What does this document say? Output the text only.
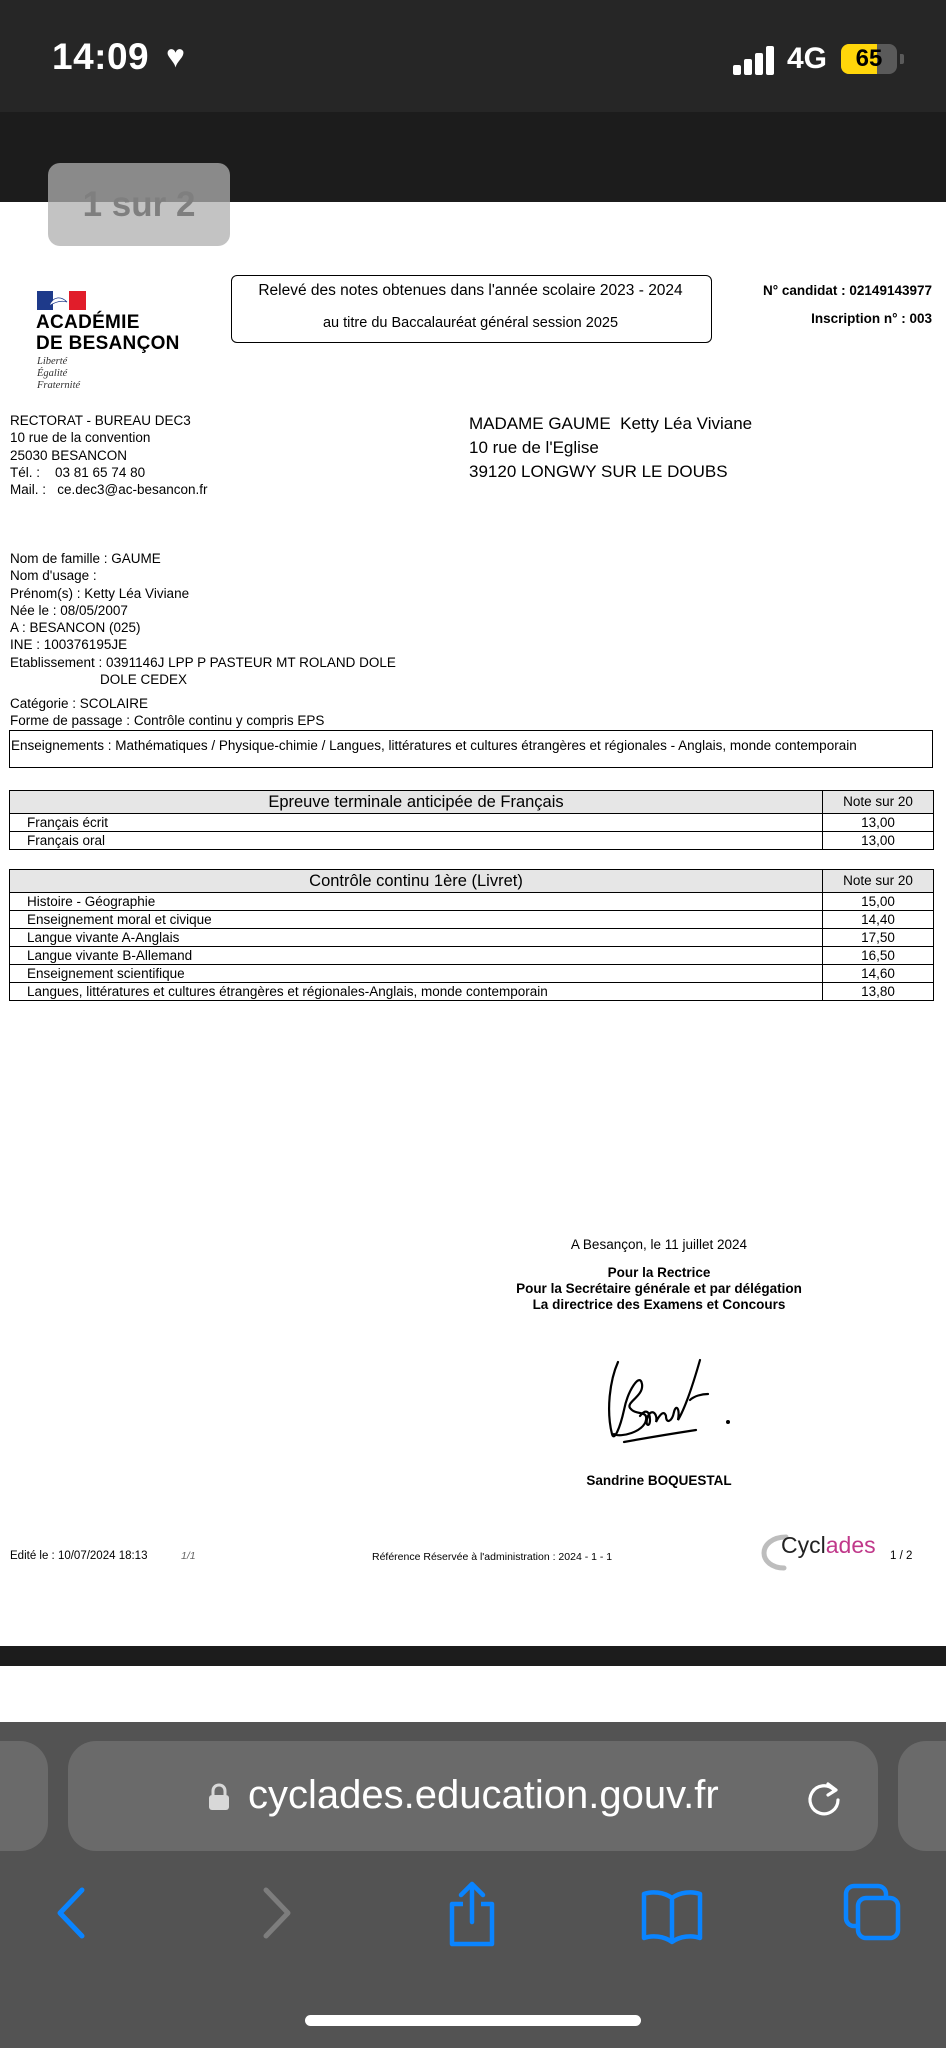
14:09 ♥	4G	65
1 sur 2
ACADÉMIE
DE BESANÇON
Liberté
Égalité
Fraternité
Relevé des notes obtenues dans l'année scolaire 2023 - 2024
au titre du Baccalauréat général session 2025
N° candidat : 02149143977
Inscription n° : 003
RECTORAT - BUREAU DEC3
10 rue de la convention
25030 BESANCON
Tél. :    03 81 65 74 80
Mail. :   ce.dec3@ac-besancon.fr
MADAME GAUME  Ketty Léa Viviane
10 rue de l'Eglise
39120 LONGWY SUR LE DOUBS
Nom de famille : GAUME
Nom d'usage :
Prénom(s) : Ketty Léa Viviane
Née le : 08/05/2007
A : BESANCON (025)
INE : 100376195JE
Etablissement : 0391146J LPP P PASTEUR MT ROLAND DOLE
DOLE CEDEX
Catégorie : SCOLAIRE
Forme de passage : Contrôle continu y compris EPS
Enseignements : Mathématiques / Physique-chimie / Langues, littératures et cultures étrangères et régionales - Anglais, monde contemporain
Epreuve terminale anticipée de Français	Note sur 20
Français écrit	13,00
Français oral	13,00
Contrôle continu 1ère (Livret)	Note sur 20
Histoire - Géographie	15,00
Enseignement moral et civique	14,40
Langue vivante A-Anglais	17,50
Langue vivante B-Allemand	16,50
Enseignement scientifique	14,60
Langues, littératures et cultures étrangères et régionales-Anglais, monde contemporain	13,80
A Besançon, le 11 juillet 2024
Pour la Rectrice
Pour la Secrétaire générale et par délégation
La directrice des Examens et Concours
Sandrine BOQUESTAL
Edité le : 10/07/2024 18:13	1/1	Référence Réservée à l'administration : 2024 - 1 - 1	Cyclades 1 / 2
cyclades.education.gouv.fr
